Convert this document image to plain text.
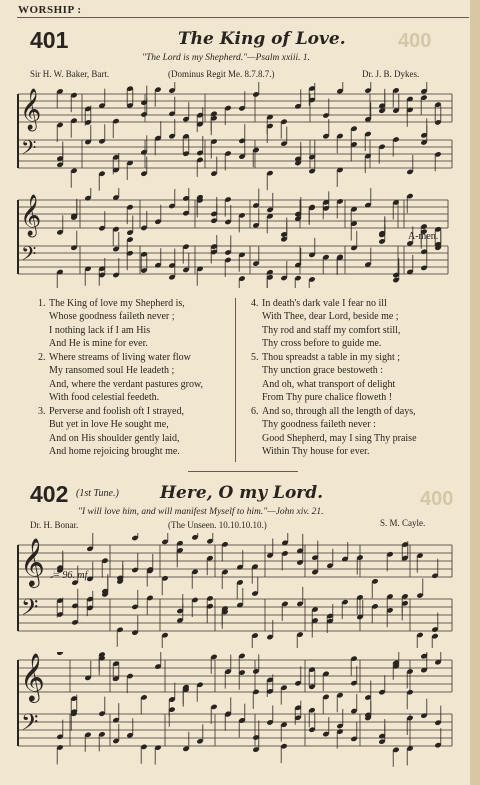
400
400
WORSHIP :
401	The King of Love.
"The Lord is my Shepherd."—Psalm xxiii. 1.
Sir H. W. Baker, Bart.	(Dominus Regit Me. 8.7.8.7.)	Dr. J. B. Dykes.
𝄞
𝄢
𝄞
𝄢
A-men.
1. The King of love my Shepherd is,
Whose goodness faileth never ;
I nothing lack if I am His
And He is mine for ever.
2. Where streams of living water flow
My ransomed soul He leadeth ;
And, where the verdant pastures grow,
With food celestial feedeth.
3. Perverse and foolish oft I strayed,
But yet in love He sought me,
And on His shoulder gently laid,
And home rejoicing brought me.
4. In death's dark vale I fear no ill
With Thee, dear Lord, beside me ;
Thy rod and staff my comfort still,
Thy cross before to guide me.
5. Thou spreadst a table in my sight ;
Thy unction grace bestoweth :
And oh, what transport of delight
From Thy pure chalice floweth !
6. And so, through all the length of days,
Thy goodness faileth never :
Good Shepherd, may I sing Thy praise
Within Thy house for ever.
402 (1st Tune.) Here, O my Lord.
"I will love him, and will manifest Myself to him."—John xiv. 21.
Dr. H. Bonar.	(The Unseen. 10.10.10.10.)	S. M. Cayle.
𝄞
𝄢
𝅗𝅥= 96. mf
𝄞
𝄢
